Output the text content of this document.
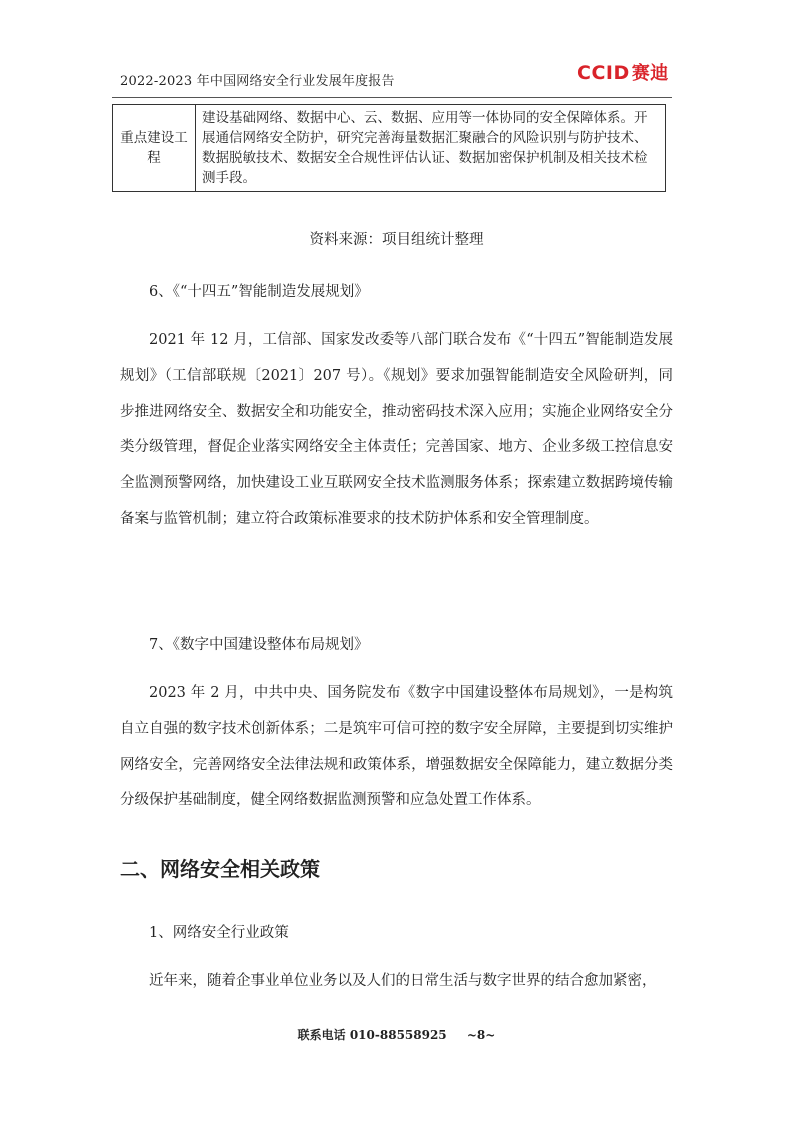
2022-2023 年中国网络安全行业发展年度报告	CCID 赛迪
重点建设工程	建设基础网络、数据中心、云、数据、应用等一体协同的安全保障体系。开展通信网络安全防护，研究完善海量数据汇聚融合的风险识别与防护技术、数据脱敏技术、数据安全合规性评估认证、数据加密保护机制及相关技术检测手段。
资料来源：项目组统计整理

6、《“十四五”智能制造发展规划》

2021 年 12 月，工信部、国家发改委等八部门联合发布《“十四五”智能制造发展规划》（工信部联规〔2021〕207 号）。《规划》要求加强智能制造安全风险研判，同步推进网络安全、数据安全和功能安全，推动密码技术深入应用；实施企业网络安全分类分级管理，督促企业落实网络安全主体责任；完善国家、地方、企业多级工控信息安全监测预警网络，加快建设工业互联网安全技术监测服务体系；探索建立数据跨境传输备案与监管机制；建立符合政策标准要求的技术防护体系和安全管理制度。

7、《数字中国建设整体布局规划》

2023 年 2 月，中共中央、国务院发布《数字中国建设整体布局规划》，一是构筑自立自强的数字技术创新体系；二是筑牢可信可控的数字安全屏障，主要提到切实维护网络安全，完善网络安全法律法规和政策体系，增强数据安全保障能力，建立数据分类分级保护基础制度，健全网络数据监测预警和应急处置工作体系。

二、网络安全相关政策

1、网络安全行业政策

近年来，随着企事业单位业务以及人们的日常生活与数字世界的结合愈加紧密，

联系电话 010-88558925 ~8~
